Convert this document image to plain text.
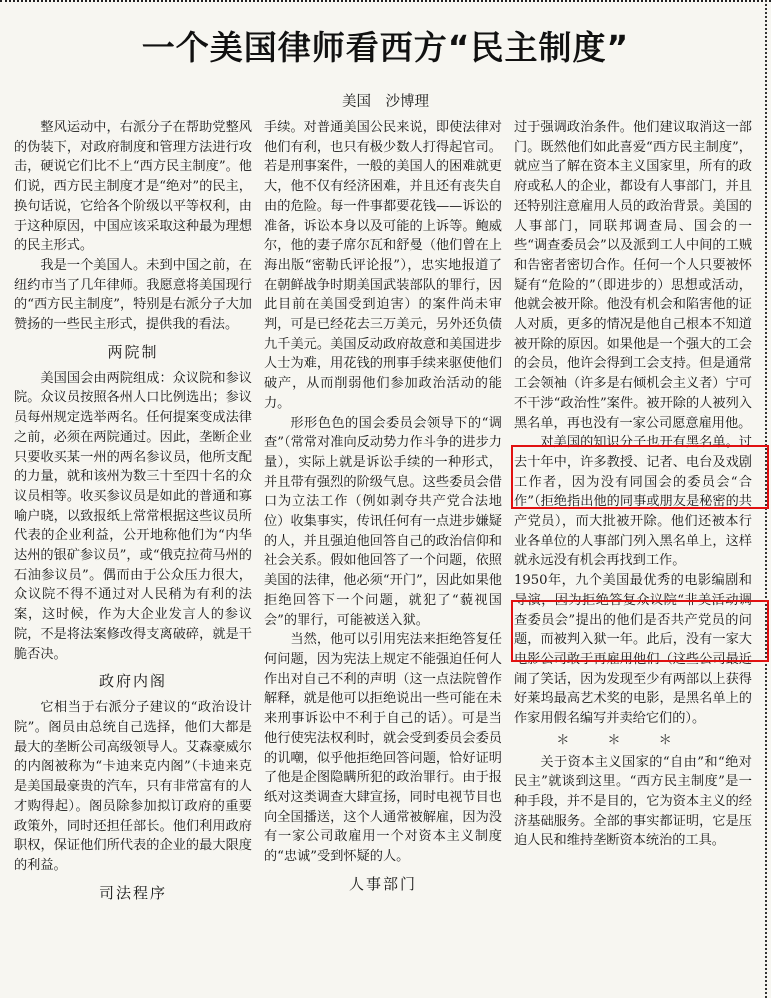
一个美国律师看西方“民主制度”
美国　沙博理

整风运动中，右派分子在帮助党整风的伪装下，对政府制度和管理方法进行攻击，硬说它们比不上“西方民主制度”。他们说，西方民主制度才是“绝对”的民主，换句话说，它给各个阶级以平等权利，由于这种原因，中国应该采取这种最为理想的民主形式。

我是一个美国人。未到中国之前，在纽约市当了几年律师。我愿意将美国现行的“西方民主制度”，特别是右派分子大加赞扬的一些民主形式，提供我的看法。

两院制

美国国会由两院组成：众议院和参议院。众议员按照各州人口比例选出；参议员每州规定选举两名。任何提案变成法律之前，必须在两院通过。因此，垄断企业只要收买某一州的两名参议员，他所支配的力量，就和该州为数三十至四十名的众议员相等。收买参议员是如此的普通和寡喻户晓，以致报纸上常常根据这些议员所代表的企业利益，公开地称他们为“内华达州的银矿参议员”，或“俄克拉荷马州的石油参议员”。偶而由于公众压力很大，众议院不得不通过对人民稍为有利的法案，这时候，作为大企业发言人的参议院，不是将法案修改得支离破碎，就是干脆否决。

政府内阁

它相当于右派分子建议的“政治设计院”。阁员由总统自己选择，他们大都是最大的垄断公司高级领导人。艾森豪威尔的内阁被称为“卡迪来克内阁”（卡迪来克是美国最豪贵的汽车，只有非常富有的人才购得起）。阁员除参加拟订政府的重要政策外，同时还担任部长。他们利用政府职权，保证他们所代表的企业的最大限度的利益。

司法程序

手续。对普通美国公民来说，即使法律对他们有利，也只有极少数人打得起官司。若是刑事案件，一般的美国人的困难就更大，他不仅有经济困难，并且还有丧失自由的危险。每一件事都要花钱——诉讼的准备，诉讼本身以及可能的上诉等。鲍威尔，他的妻子席尔瓦和舒曼（他们曾在上海出版“密勒氏评论报”），忠实地报道了在朝鲜战争时期美国武装部队的罪行，因此目前在美国受到迫害）的案件尚未审判，可是已经花去三万美元，另外还负债九千美元。美国反动政府故意和美国进步人士为难，用花钱的刑事手续来驱使他们破产，从而削弱他们参加政治活动的能力。

形形色色的国会委员会领导下的“调查”（常常对准向反动势力作斗争的进步力量），实际上就是诉讼手续的一种形式，并且带有强烈的阶级气息。这些委员会借口为立法工作（例如剥夺共产党合法地位）收集事实，传讯任何有一点进步嫌疑的人，并且强迫他回答自己的政治信仰和社会关系。假如他回答了一个问题，依照美国的法律，他必须“开门”，因此如果他拒绝回答下一个问题，就犯了“藐视国会”的罪行，可能被送入狱。

当然，他可以引用宪法来拒绝答复任何问题，因为宪法上规定不能强迫任何人作出对自己不利的声明（这一点法院曾作解释，就是他可以拒绝说出一些可能在未来刑事诉讼中不利于自己的话）。可是当他行使宪法权利时，就会受到委员会委员的讥嘲，似乎他拒绝回答问题，恰好证明了他是企图隐瞒所犯的政治罪行。由于报纸对这类调查大肆宣扬，同时电视节目也向全国播送，这个人通常被解雇，因为没有一家公司敢雇用一个对资本主义制度的“忠诚”受到怀疑的人。

人事部门

过于强调政治条件。他们建议取消这一部门。既然他们如此喜爱“西方民主制度”，就应当了解在资本主义国家里，所有的政府或私人的企业，都设有人事部门，并且还特别注意雇用人员的政治背景。美国的人事部门，同联邦调查局、国会的一些“调查委员会”以及派到工人中间的工贼和告密者密切合作。任何一个人只要被怀疑有“危险的”（即进步的）思想或活动，他就会被开除。他没有机会和陷害他的证人对质，更多的情况是他自己根本不知道被开除的原因。如果他是一个强大的工会的会员，他许会得到工会支持。但是通常工会领袖（许多是右倾机会主义者）宁可不干涉“政治性”案件。被开除的人被列入黑名单，再也没有一家公司愿意雇用他。

对美国的知识分子也开有黑名单。过去十年中，许多教授、记者、电台及戏剧工作者，因为没有同国会的委员会“合作”（拒绝指出他的同事或朋友是秘密的共产党员），而大批被开除。他们还被本行业各单位的人事部门列入黑名单上，这样就永远没有机会再找到工作。

1950年，九个美国最优秀的电影编剧和导演，因为拒绝答复众议院“非美活动调查委员会”提出的他们是否共产党员的问题，而被判入狱一年。此后，没有一家大电影公司敢于再雇用他们（这些公司最近闹了笑话，因为发现至少有两部以上获得好莱坞最高艺术奖的电影，是黑名单上的作家用假名编写并卖给它们的）。

＊＊＊

关于资本主义国家的“自由”和“绝对民主”就谈到这里。“西方民主制度”是一种手段，并不是目的，它为资本主义的经济基础服务。全部的事实都证明，它是压迫人民和维持垄断资本统治的工具。
